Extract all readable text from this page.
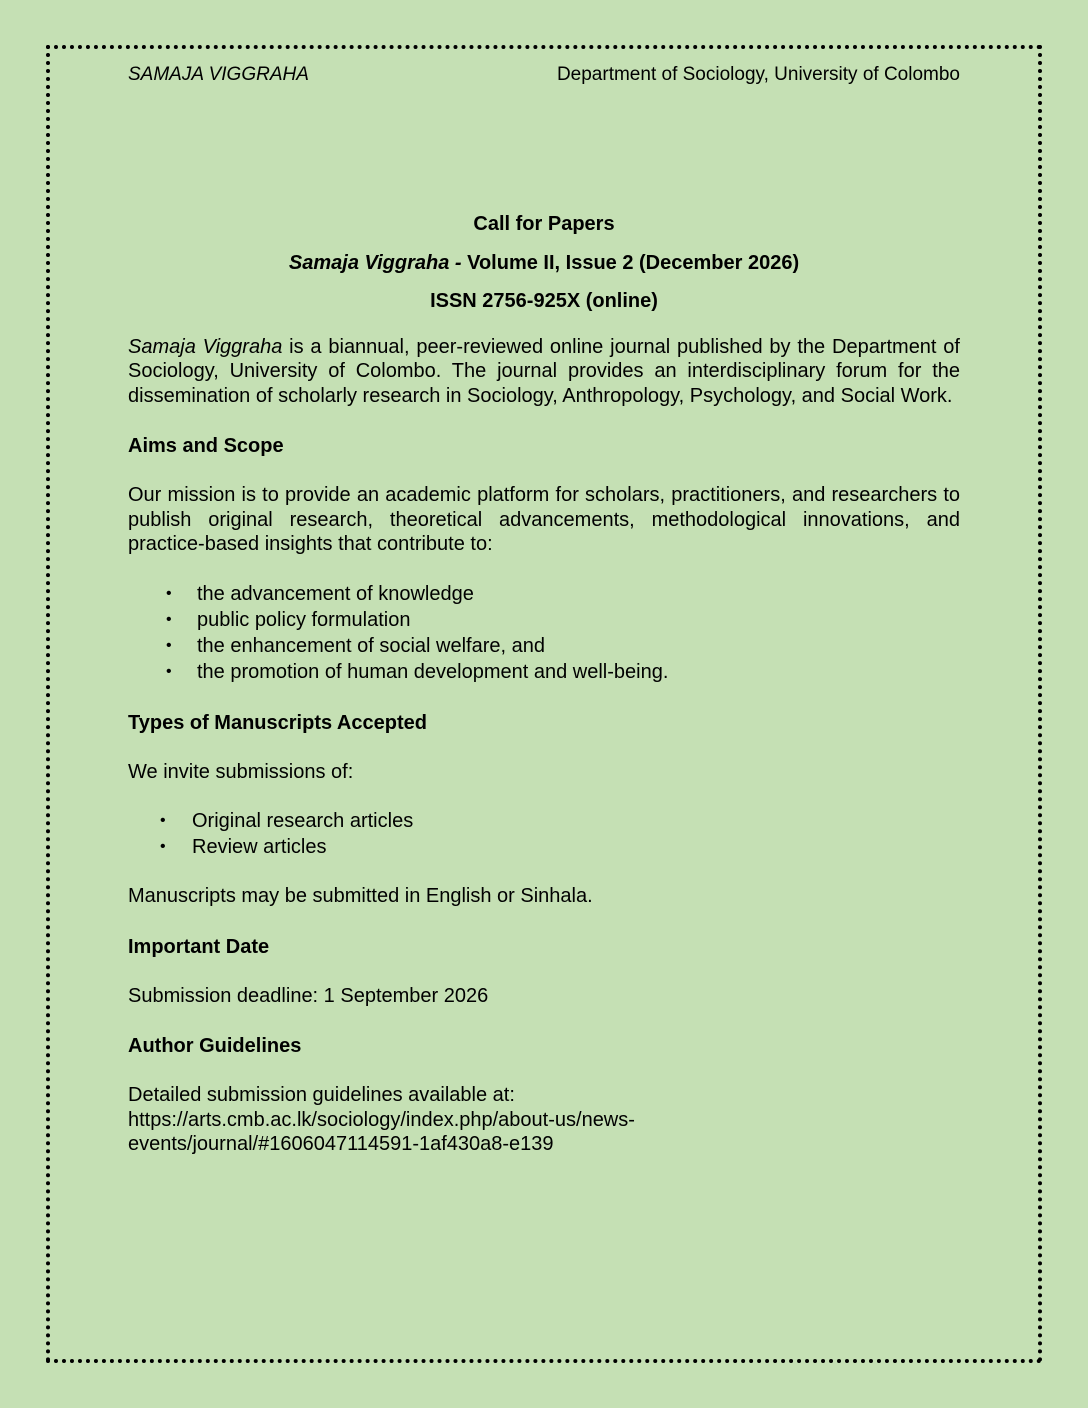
SAMAJA VIGGRAHA	Department of Sociology, University of Colombo
Call for Papers
Samaja Viggraha - Volume II, Issue 2 (December 2026)
ISSN 2756-925X (online)

Samaja Viggraha is a biannual, peer-reviewed online journal published by the Department of Sociology, University of Colombo. The journal provides an interdisciplinary forum for the dissemination of scholarly research in Sociology, Anthropology, Psychology, and Social Work.

Aims and Scope

Our mission is to provide an academic platform for scholars, practitioners, and researchers to publish original research, theoretical advancements, methodological innovations, and practice-based insights that contribute to:

• the advancement of knowledge
• public policy formulation
• the enhancement of social welfare, and
• the promotion of human development and well-being.
Types of Manuscripts Accepted

We invite submissions of:

• Original research articles
• Review articles

Manuscripts may be submitted in English or Sinhala.

Important Date

Submission deadline: 1 September 2026

Author Guidelines

Detailed submission guidelines available at:

https://arts.cmb.ac.lk/sociology/index.php/about-us/news-

events/journal/#1606047114591-1af430a8-e139
